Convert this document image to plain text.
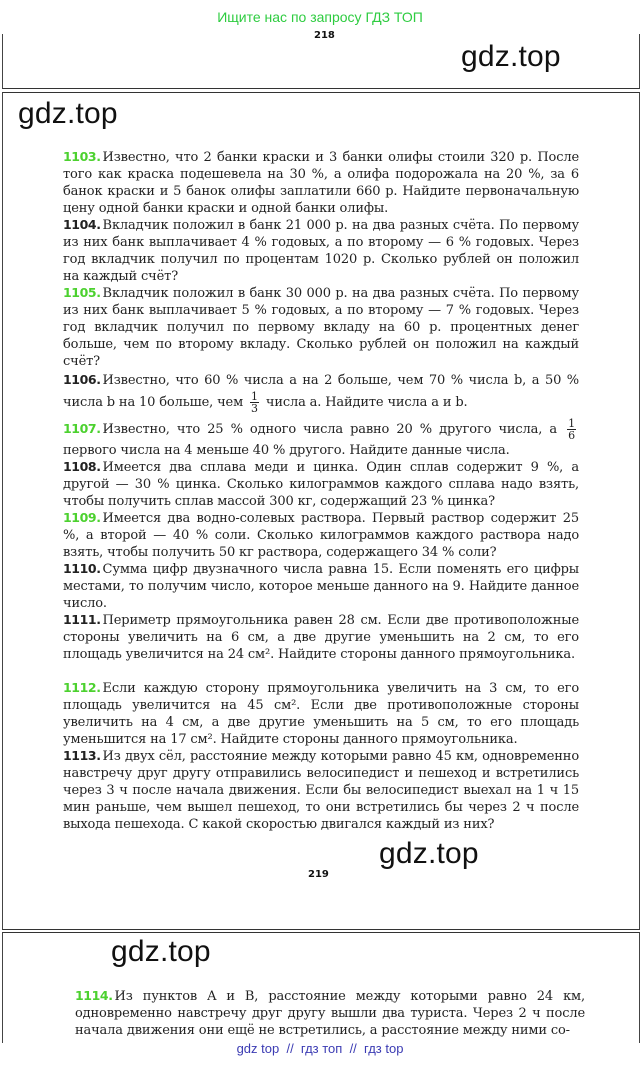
Ищите нас по запросу ГДЗ ТОП
218
gdz.top
gdz.top
1103. Известно, что 2 банки краски и 3 банки олифы стоили 320 р. После того как краска подешевела на 30 %, а олифа подорожала на 20 %, за 6 банок краски и 5 банок олифы заплатили 660 р. Найдите первоначальную цену одной банки краски и одной банки олифы.
1104. Вкладчик положил в банк 21 000 р. на два разных счёта. По первому из них банк выплачивает 4 % годовых, а по второму — 6 % годовых. Через год вкладчик получил по процентам 1020 р. Сколько рублей он положил на каждый счёт?
1105. Вкладчик положил в банк 30 000 р. на два разных счёта. По первому из них банк выплачивает 5 % годовых, а по второму — 7 % годовых. Через год вкладчик получил по первому вкладу на 60 р. процентных денег больше, чем по второму вкладу. Сколько рублей он положил на каждый счёт?
1106. Известно, что 60 % числа a на 2 больше, чем 70 % числа b, а 50 % числа b на 10 больше, чем $\frac{1}{3}$ числа a. Найдите числа a и b.
1107. Известно, что 25 % одного числа равно 20 % другого числа, а $\frac{1}{6}$
первого числа на 4 меньше 40 % другого. Найдите данные числа.
1108. Имеется два сплава меди и цинка. Один сплав содержит 9 %, а другой — 30 % цинка. Сколько килограммов каждого сплава надо взять, чтобы получить сплав массой 300 кг, содержащий 23 % цинка?
1109. Имеется два водно-солевых раствора. Первый раствор содержит 25 %, а второй — 40 % соли. Сколько килограммов каждого раствора надо взять, чтобы получить 50 кг раствора, содержащего 34 % соли?
1110. Сумма цифр двузначного числа равна 15. Если поменять его цифры местами, то получим число, которое меньше данного на 9. Найдите данное число.
1111. Периметр прямоугольника равен 28 см. Если две противоположные стороны увеличить на 6 см, а две другие уменьшить на 2 см, то его площадь увеличится на 24 см². Найдите стороны данного прямоугольника.
1112. Если каждую сторону прямоугольника увеличить на 3 см, то его площадь увеличится на 45 см². Если две противоположные стороны увеличить на 4 см, а две другие уменьшить на 5 см, то его площадь уменьшится на 17 см². Найдите стороны данного прямоугольника.
1113. Из двух сёл, расстояние между которыми равно 45 км, одновременно навстречу друг другу отправились велосипедист и пешеход и встретились через 3 ч после начала движения. Если бы велосипедист выехал на 1 ч 15 мин раньше, чем вышел пешеход, то они встретились бы через 2 ч после выхода пешехода. С какой скоростью двигался каждый из них?
gdz.top
219
gdz.top
1114. Из пунктов A и B, расстояние между которыми равно 24 км, одновременно навстречу друг другу вышли два туриста. Через 2 ч после начала движения они ещё не встретились, а расстояние между ними со-
gdz top // гдз топ // гдз top
